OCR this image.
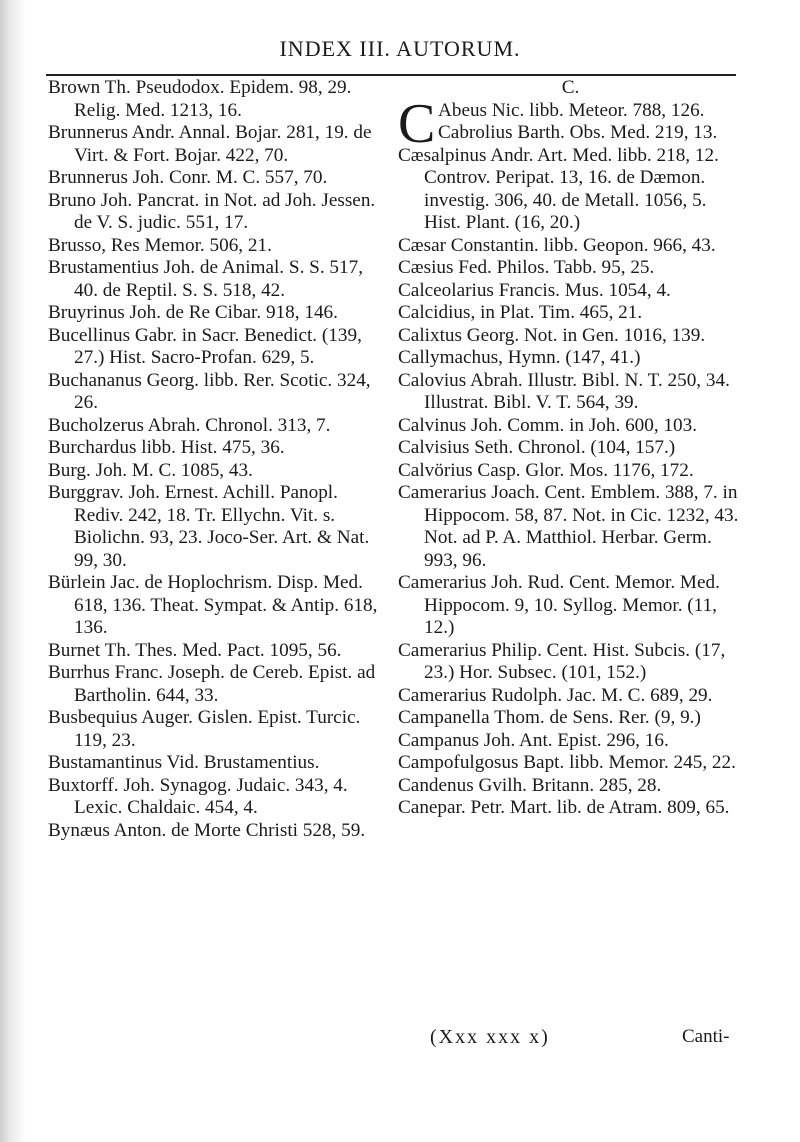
INDEX III. AUTORUM.

Brown Th. Pseudodox. Epidem. 98, 29. Relig. Med. 1213, 16.

Brunnerus Andr. Annal. Bojar. 281, 19. de Virt. & Fort. Bojar. 422, 70.

Brunnerus Joh. Conr. M. C. 557, 70.

Bruno Joh. Pancrat. in Not. ad Joh. Jessen. de V. S. judic. 551, 17.

Brusso, Res Memor. 506, 21.

Brustamentius Joh. de Animal. S. S. 517, 40. de Reptil. S. S. 518, 42.

Bruyrinus Joh. de Re Cibar. 918, 146.

Bucellinus Gabr. in Sacr. Benedict. (139, 27.) Hist. Sacro-Profan. 629, 5.

Buchananus Georg. libb. Rer. Scotic. 324, 26.

Bucholzerus Abrah. Chronol. 313, 7.

Burchardus libb. Hist. 475, 36.

Burg. Joh. M. C. 1085, 43.

Burggrav. Joh. Ernest. Achill. Panopl. Rediv. 242, 18. Tr. Ellychn. Vit. s. Biolichn. 93, 23. Joco-Ser. Art. & Nat. 99, 30.

Bürlein Jac. de Hoplochrism. Disp. Med. 618, 136. Theat. Sympat. & Antip. 618, 136.

Burnet Th. Thes. Med. Pact. 1095, 56.

Burrhus Franc. Joseph. de Cereb. Epist. ad Bartholin. 644, 33.

Busbequius Auger. Gislen. Epist. Turcic. 119, 23.

Bustamantinus Vid. Brustamentius.

Buxtorff. Joh. Synagog. Judaic. 343, 4. Lexic. Chaldaic. 454, 4.

Bynæus Anton. de Morte Christi 528, 59.

C.

C Abeus Nic. libb. Meteor. 788, 126. Cabrolius Barth. Obs. Med. 219, 13.

Cæsalpinus Andr. Art. Med. libb. 218, 12. Controv. Peripat. 13, 16. de Dæmon. investig. 306, 40. de Metall. 1056, 5. Hist. Plant. (16, 20.)

Cæsar Constantin. libb. Geopon. 966, 43.

Cæsius Fed. Philos. Tabb. 95, 25.

Calceolarius Francis. Mus. 1054, 4.

Calcidius, in Plat. Tim. 465, 21.

Calixtus Georg. Not. in Gen. 1016, 139.

Callymachus, Hymn. (147, 41.)

Calovius Abrah. Illustr. Bibl. N. T. 250, 34. Illustrat. Bibl. V. T. 564, 39.

Calvinus Joh. Comm. in Joh. 600, 103.

Calvisius Seth. Chronol. (104, 157.)

Calvörius Casp. Glor. Mos. 1176, 172.

Camerarius Joach. Cent. Emblem. 388, 7. in Hippocom. 58, 87. Not. in Cic. 1232, 43. Not. ad P. A. Matthiol. Herbar. Germ. 993, 96.

Camerarius Joh. Rud. Cent. Memor. Med. Hippocom. 9, 10. Syllog. Memor. (11, 12.)

Camerarius Philip. Cent. Hist. Subcis. (17, 23.) Hor. Subsec. (101, 152.)

Camerarius Rudolph. Jac. M. C. 689, 29.

Campanella Thom. de Sens. Rer. (9, 9.)

Campanus Joh. Ant. Epist. 296, 16.

Campofulgosus Bapt. libb. Memor. 245, 22.

Candenus Gvilh. Britann. 285, 28.

Canepar. Petr. Mart. lib. de Atram. 809, 65.

(Xxx xxx x)	Canti-
